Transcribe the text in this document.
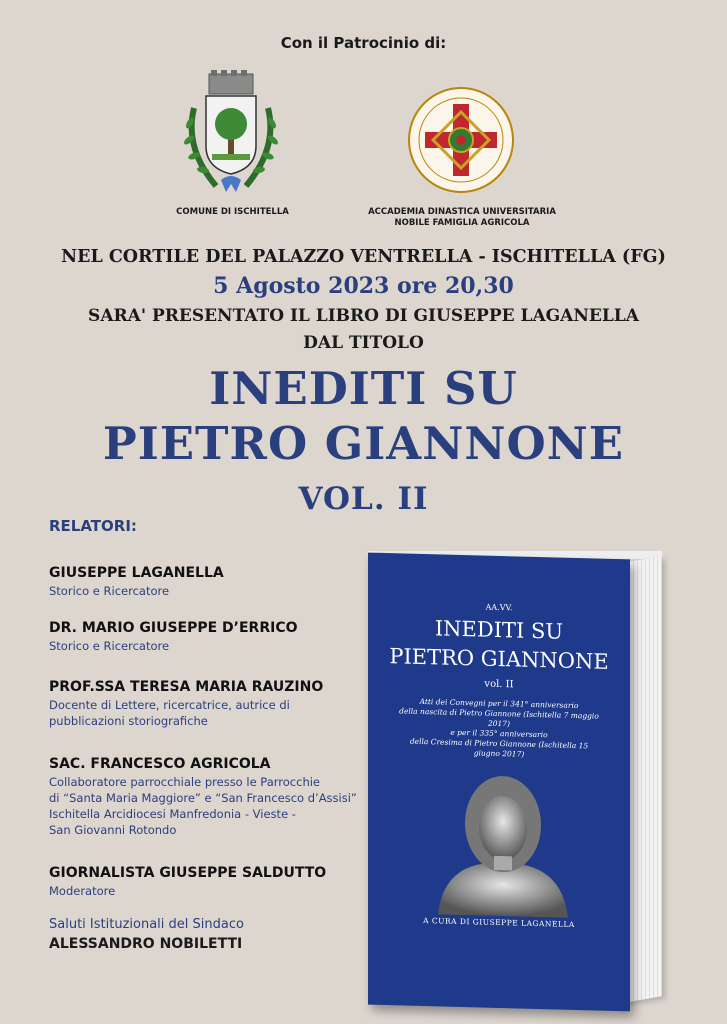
Con il Patrocinio di:
COMUNE DI ISCHITELLA	ACCADEMIA DINASTICA UNIVERSITARIA
NOBILE FAMIGLIA AGRICOLA
NEL CORTILE DEL PALAZZO VENTRELLA - ISCHITELLA (FG)
5 Agosto 2023 ore 20,30
SARA' PRESENTATO IL LIBRO DI GIUSEPPE LAGANELLA
DAL TITOLO
INEDITI SU
PIETRO GIANNONE
VOL. II
RELATORI:
GIUSEPPE LAGANELLA
Storico e Ricercatore
DR. MARIO GIUSEPPE D’ERRICO
Storico e Ricercatore
PROF.SSA TERESA MARIA RAUZINO
Docente di Lettere, ricercatrice, autrice di
pubblicazioni storiografiche
SAC. FRANCESCO AGRICOLA
Collaboratore parrocchiale presso le Parrocchie
di “Santa Maria Maggiore” e “San Francesco d’Assisi”
Ischitella Arcidiocesi Manfredonia - Vieste -
San Giovanni Rotondo
GIORNALISTA GIUSEPPE SALDUTTO
Moderatore
Saluti Istituzionali del Sindaco
ALESSANDRO NOBILETTI
AA.VV.
INEDITI SU
PIETRO GIANNONE
vol. II
Atti dei Convegni per il 341° anniversario
della nascita di Pietro Giannone (Ischitella 7 maggio 2017)
e per il 335° anniversario
della Cresima di Pietro Giannone (Ischitella 15 giugno 2017)
A CURA DI GIUSEPPE LAGANELLA
